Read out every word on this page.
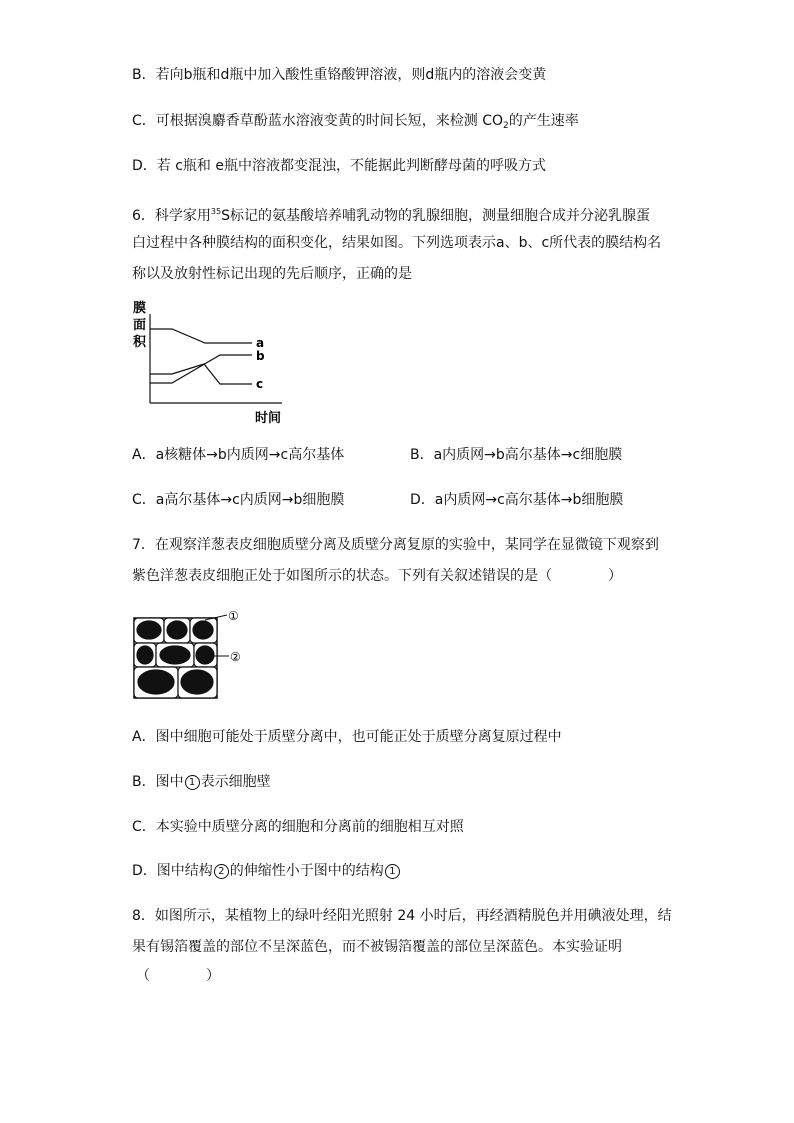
B．若向b瓶和d瓶中加入酸性重铬酸钾溶液，则d瓶内的溶液会变黄
C．可根据溴麝香草酚蓝水溶液变黄的时间长短，来检测 $CO_2$的产生速率
D．若 c瓶和 e瓶中溶液都变混浊，不能据此判断酵母菌的呼吸方式
6．科学家用$^{35}$S标记的氨基酸培养哺乳动物的乳腺细胞，测量细胞合成并分泌乳腺蛋
白过程中各种膜结构的面积变化，结果如图。下列选项表示a、b、c所代表的膜结构名
称以及放射性标记出现的先后顺序，正确的是
膜
面
积	a
b
c
时间
A．a核糖体→b内质网→c高尔基体	B．a内质网→b高尔基体→c细胞膜
C．a高尔基体→c内质网→b细胞膜	D．a内质网→c高尔基体→b细胞膜
7．在观察洋葱表皮细胞质壁分离及质壁分离复原的实验中，某同学在显微镜下观察到
紫色洋葱表皮细胞正处于如图所示的状态。下列有关叙述错误的是（　　　　）
①
②
A．图中细胞可能处于质壁分离中，也可能正处于质壁分离复原过程中
B．图中 1 表示细胞壁
C．本实验中质壁分离的细胞和分离前的细胞相互对照
D．图中结构 2 的伸缩性小于图中的结构 1
8．如图所示，某植物上的绿叶经阳光照射 24 小时后，再经酒精脱色并用碘液处理，结
果有锡箔覆盖的部位不呈深蓝色，而不被锡箔覆盖的部位呈深蓝色。本实验证明
（　　　　）
